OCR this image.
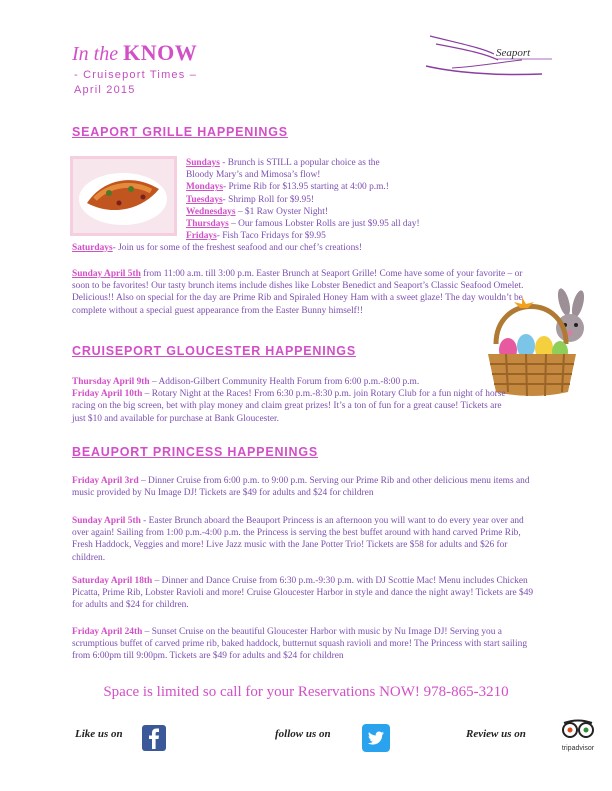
In the KNOW
- Cruiseport Times –
April 2015
Seaport
SEAPORT GRILLE HAPPENINGS
Sundays - Brunch is STILL a popular choice as the
Bloody Mary’s and Mimosa’s flow!
Mondays- Prime Rib for $13.95 starting at 4:00 p.m.!
Tuesdays- Shrimp Roll for $9.95!
Wednesdays – $1 Raw Oyster Night!
Thursdays – Our famous Lobster Rolls are just $9.95 all day!
Fridays- Fish Taco Fridays for $9.95
Saturdays- Join us for some of the freshest seafood and our chef’s creations!
Sunday April 5th from 11:00 a.m. till 3:00 p.m. Easter Brunch at Seaport Grille! Come have some of your favorite – or soon to be favorites! Our tasty brunch items include dishes like Lobster Benedict and Seaport’s Classic Seafood Omelet. Delicious!! Also on special for the day are Prime Rib and Spiraled Honey Ham with a sweet glaze! The day wouldn’t be complete without a special guest appearance from the Easter Bunny himself!!
CRUISEPORT GLOUCESTER HAPPENINGS
Thursday April 9th – Addison-Gilbert Community Health Forum from 6:00 p.m.-8:00 p.m.
Friday April 10th – Rotary Night at the Races! From 6:30 p.m.-8:30 p.m. join Rotary Club for a fun night of horse racing on the big screen, bet with play money and claim great prizes! It’s a ton of fun for a great cause! Tickets are just $10 and available for purchase at Bank Gloucester.
BEAUPORT PRINCESS HAPPENINGS
Friday April 3rd – Dinner Cruise from 6:00 p.m. to 9:00 p.m. Serving our Prime Rib and other delicious menu items and music provided by Nu Image DJ! Tickets are $49 for adults and $24 for children
Sunday April 5th - Easter Brunch aboard the Beauport Princess is an afternoon you will want to do every year over and over again! Sailing from 1:00 p.m.-4:00 p.m. the Princess is serving the best buffet around with hand carved Prime Rib, Fresh Haddock, Veggies and more! Live Jazz music with the Jane Potter Trio! Tickets are $58 for adults and $26 for children.
Saturday April 18th – Dinner and Dance Cruise from 6:30 p.m.-9:30 p.m. with DJ Scottie Mac! Menu includes Chicken Picatta, Prime Rib, Lobster Ravioli and more! Cruise Gloucester Harbor in style and dance the night away! Tickets are $49 for adults and $24 for children.
Friday April 24th – Sunset Cruise on the beautiful Gloucester Harbor with music by Nu Image DJ! Serving you a scrumptious buffet of carved prime rib, baked haddock, butternut squash ravioli and more! The Princess with start sailing from 6:00pm till 9:00pm. Tickets are $49 for adults and $24 for children
Space is limited so call for your Reservations NOW! 978-865-3210
Like us on	follow us on	Review us on
tripadvisor
